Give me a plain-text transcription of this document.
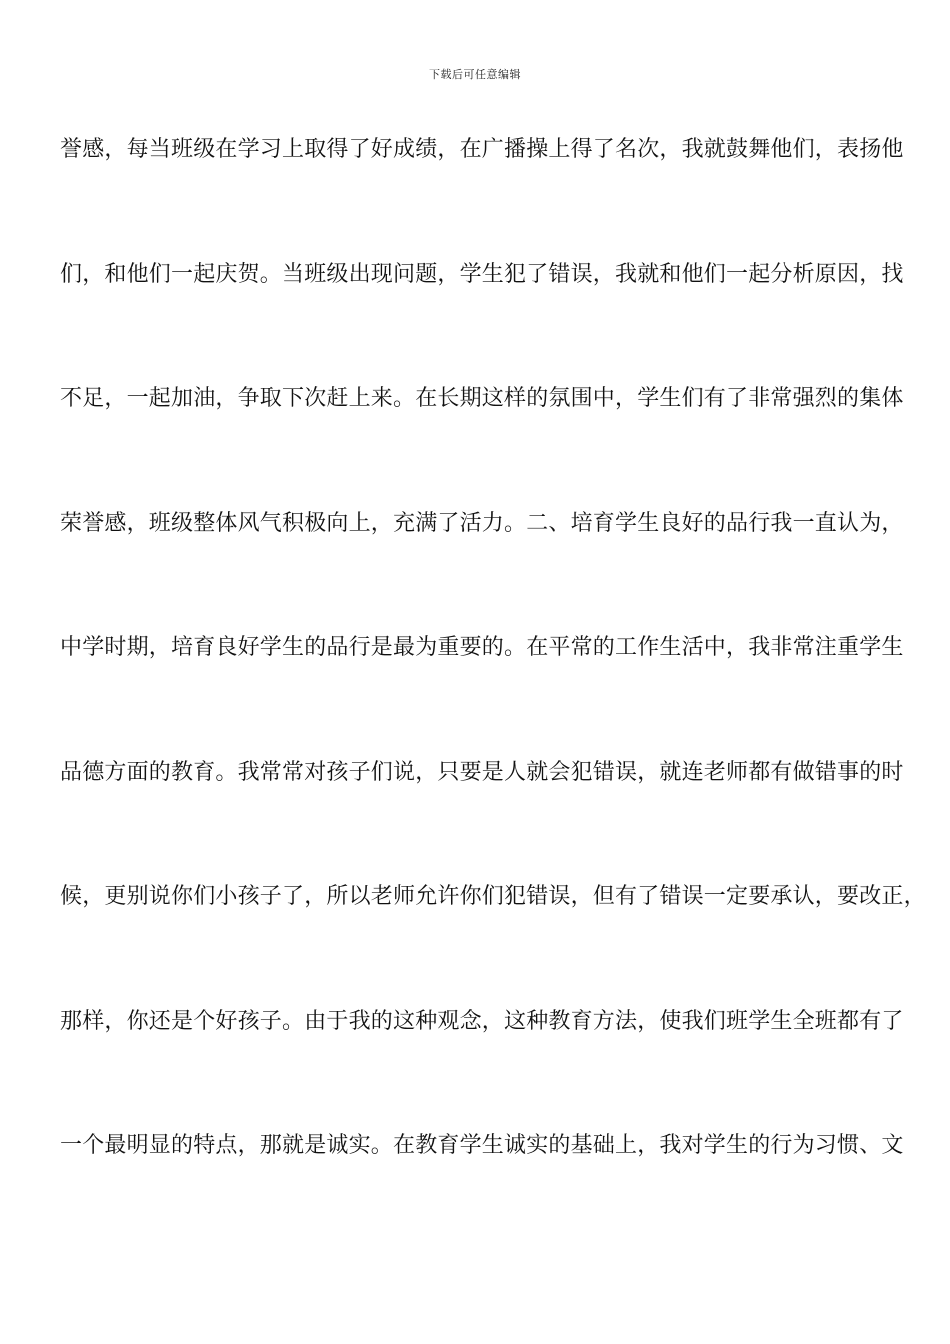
下载后可任意编辑
誉感，每当班级在学习上取得了好成绩，在广播操上得了名次，我就鼓舞他们，表扬他
们，和他们一起庆贺。当班级出现问题，学生犯了错误，我就和他们一起分析原因，找
不足，一起加油，争取下次赶上来。在长期这样的氛围中，学生们有了非常强烈的集体
荣誉感，班级整体风气积极向上，充满了活力。二、培育学生良好的品行我一直认为，
中学时期，培育良好学生的品行是最为重要的。在平常的工作生活中，我非常注重学生
品德方面的教育。我常常对孩子们说，只要是人就会犯错误，就连老师都有做错事的时
候，更别说你们小孩子了，所以老师允许你们犯错误，但有了错误一定要承认，要改正，
那样，你还是个好孩子。由于我的这种观念，这种教育方法，使我们班学生全班都有了
一个最明显的特点，那就是诚实。在教育学生诚实的基础上，我对学生的行为习惯、文
